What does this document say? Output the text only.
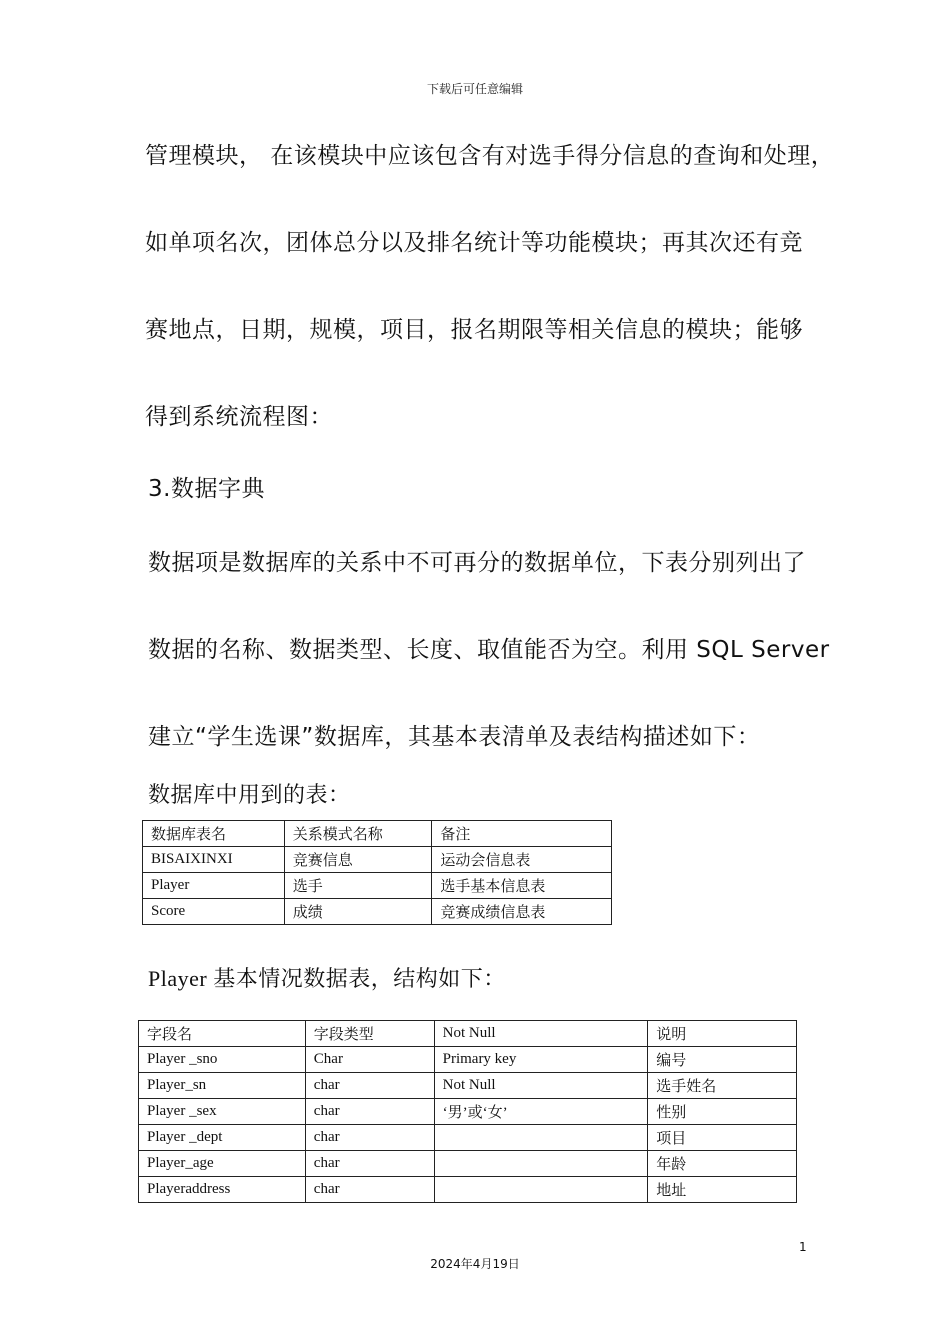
下载后可任意编辑
管理模块， 在该模块中应该包含有对选手得分信息的查询和处理，
如单项名次，团体总分以及排名统计等功能模块；再其次还有竞
赛地点，日期，规模，项目，报名期限等相关信息的模块；能够
得到系统流程图：
3.数据字典
数据项是数据库的关系中不可再分的数据单位，下表分别列出了
数据的名称、数据类型、长度、取值能否为空。利用 SQL Server
建立“学生选课”数据库，其基本表清单及表结构描述如下：
数据库中用到的表：
数据库表名	关系模式名称	备注
BISAIXINXI	竞赛信息	运动会信息表
Player	选手	选手基本信息表
Score	成绩	竞赛成绩信息表
Player 基本情况数据表，结构如下：
字段名	字段类型	Not Null	说明
Player _sno	Char	Primary key	编号
Player_sn	char	Not Null	选手姓名
Player _sex	char	‘男’或‘女’	性别
Player _dept	char		项目
Player_age	char		年龄
Playeraddress	char		地址
1
2024年4月19日
